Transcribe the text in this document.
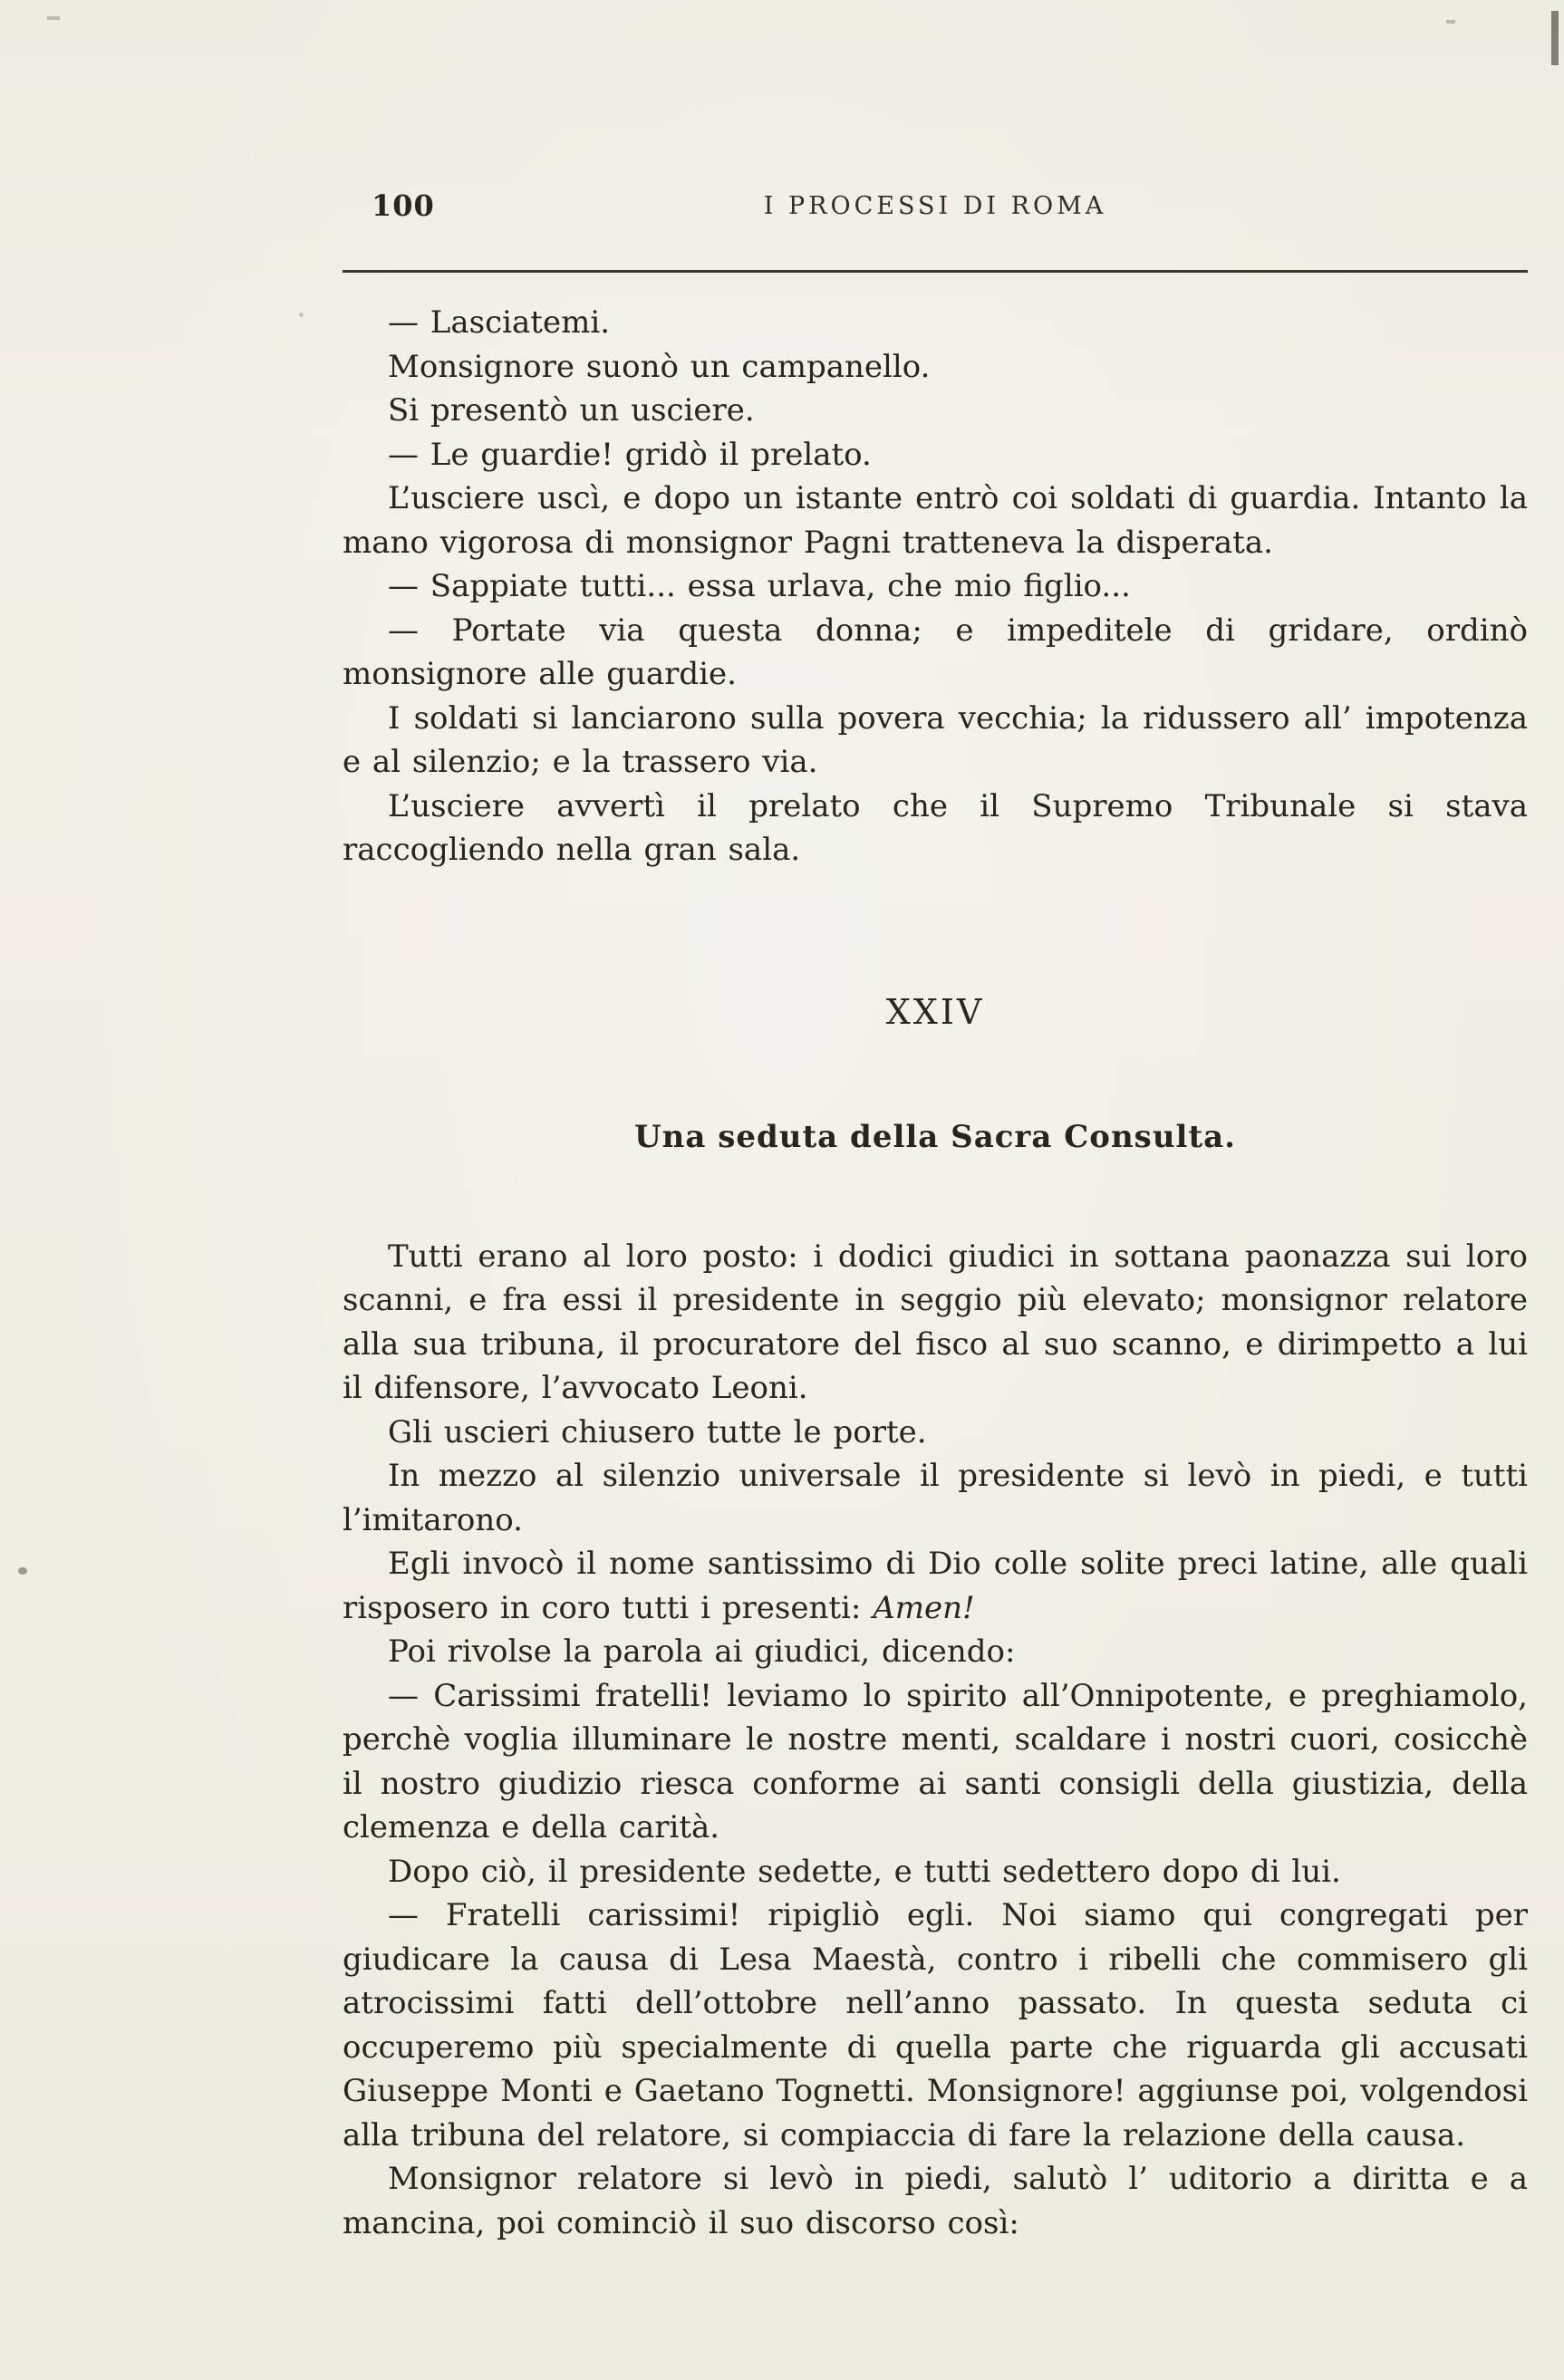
100	I PROCESSI DI ROMA

— Lasciatemi.

Monsignore suonò un campanello.

Si presentò un usciere.

— Le guardie! gridò il prelato.

L’usciere uscì, e dopo un istante entrò coi soldati di guardia. Intanto la mano vigorosa di monsignor Pagni tratteneva la disperata.

— Sappiate tutti... essa urlava, che mio figlio...

— Portate via questa donna; e impeditele di gridare, ordinò monsignore alle guardie.

I soldati si lanciarono sulla povera vecchia; la ridussero all’ impotenza e al silenzio; e la trassero via.

L’usciere avvertì il prelato che il Supremo Tribunale si stava raccogliendo nella gran sala.

XXIV
Una seduta della Sacra Consulta.

Tutti erano al loro posto: i dodici giudici in sottana paonazza sui loro scanni, e fra essi il presidente in seggio più elevato; monsignor relatore alla sua tribuna, il procuratore del fisco al suo scanno, e dirimpetto a lui il difensore, l’avvocato Leoni.

Gli uscieri chiusero tutte le porte.

In mezzo al silenzio universale il presidente si levò in piedi, e tutti l’imitarono.

Egli invocò il nome santissimo di Dio colle solite preci latine, alle quali risposero in coro tutti i presenti: Amen!

Poi rivolse la parola ai giudici, dicendo:

— Carissimi fratelli! leviamo lo spirito all’Onnipotente, e preghiamolo, perchè voglia illuminare le nostre menti, scaldare i nostri cuori, cosicchè il nostro giudizio riesca conforme ai santi consigli della giustizia, della clemenza e della carità.

Dopo ciò, il presidente sedette, e tutti sedettero dopo di lui.

— Fratelli carissimi! ripigliò egli. Noi siamo qui congregati per giudicare la causa di Lesa Maestà, contro i ribelli che commisero gli atrocissimi fatti dell’ottobre nell’anno passato. In questa seduta ci occuperemo più specialmente di quella parte che riguarda gli accusati Giuseppe Monti e Gaetano Tognetti. Monsignore! aggiunse poi, volgendosi alla tribuna del relatore, si compiaccia di fare la relazione della causa.

Monsignor relatore si levò in piedi, salutò l’ uditorio a diritta e a mancina, poi cominciò il suo discorso così:
